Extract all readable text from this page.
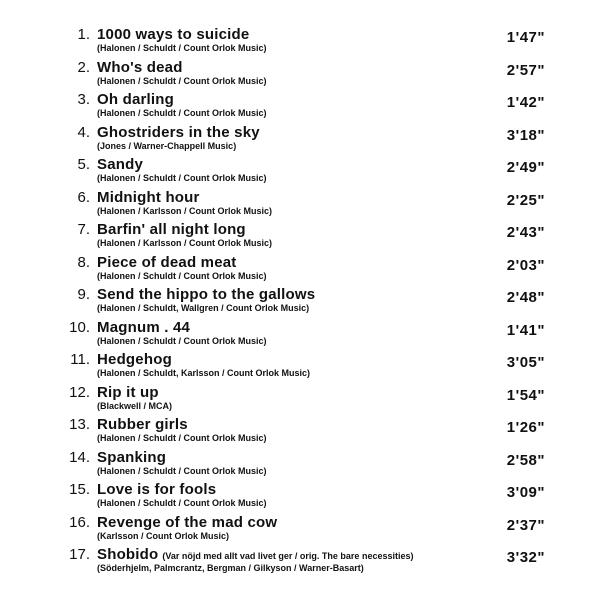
1. 1000 ways to suicide
(Halonen / Schuldt / Count Orlok Music)
1'47"
2. Who's dead
(Halonen / Schuldt / Count Orlok Music)
2'57"
3. Oh darling
(Halonen / Schuldt / Count Orlok Music)
1'42"
4. Ghostriders in the sky
(Jones / Warner-Chappell Music)
3'18"
5. Sandy
(Halonen / Schuldt / Count Orlok Music)
2'49"
6. Midnight hour
(Halonen / Karlsson / Count Orlok Music)
2'25"
7. Barfin' all night long
(Halonen / Karlsson / Count Orlok Music)
2'43"
8. Piece of dead meat
(Halonen / Schuldt / Count Orlok Music)
2'03"
9. Send the hippo to the gallows
(Halonen / Schuldt, Wallgren / Count Orlok Music)
2'48"
10. Magnum . 44
(Halonen / Schuldt / Count Orlok Music)
1'41"
11. Hedgehog
(Halonen / Schuldt, Karlsson / Count Orlok Music)
3'05"
12. Rip it up
(Blackwell / MCA)
1'54"
13. Rubber girls
(Halonen / Schuldt / Count Orlok Music)
1'26"
14. Spanking
(Halonen / Schuldt / Count Orlok Music)
2'58"
15. Love is for fools
(Halonen / Schuldt / Count Orlok Music)
3'09"
16. Revenge of the mad cow
(Karlsson / Count Orlok Music)
2'37"
17. Shobido (Var nöjd med allt vad livet ger / orig. The bare necessities)
(Söderhjelm, Palmcrantz, Bergman / Gilkyson / Warner-Basart)
3'32"
